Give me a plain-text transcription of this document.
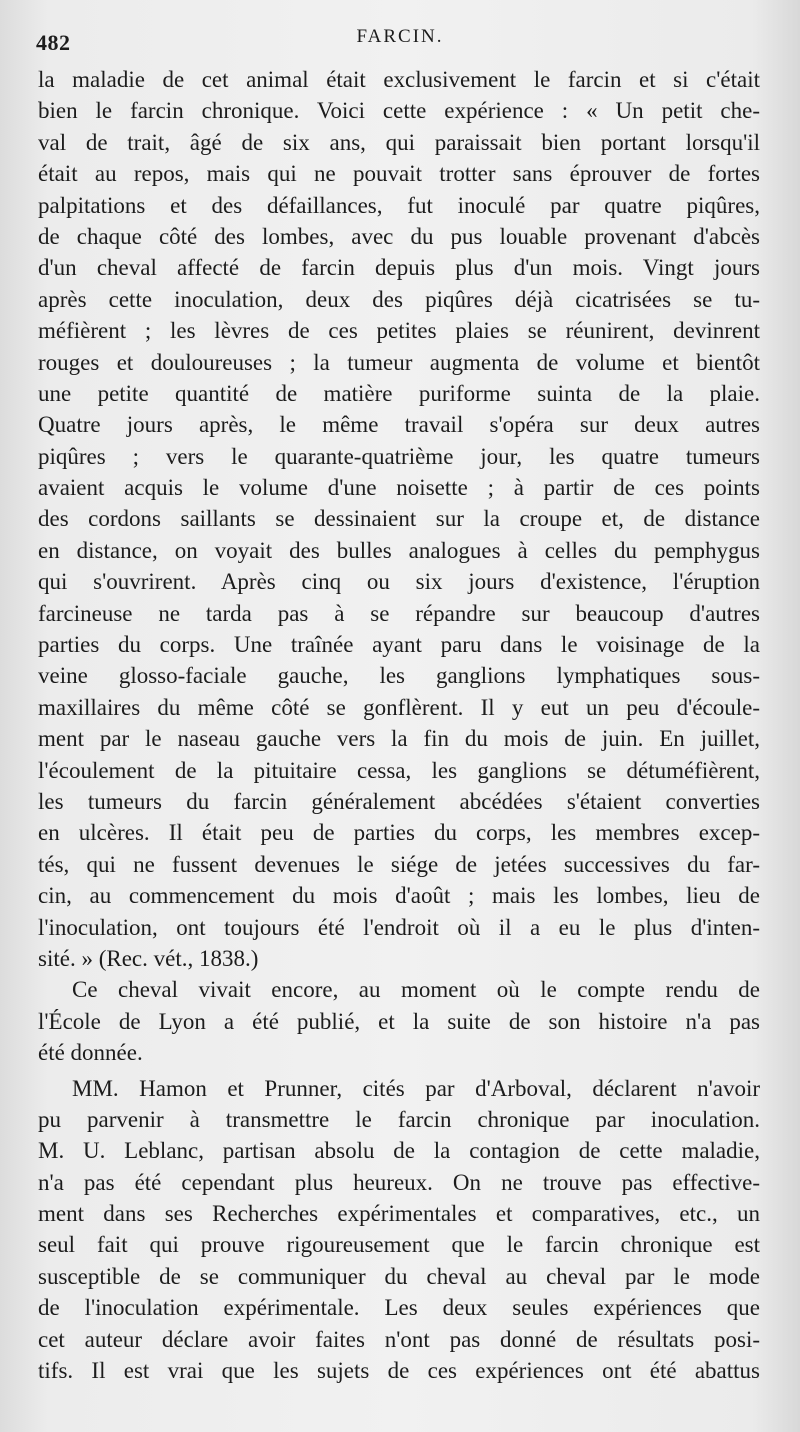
482	FARCIN.
la maladie de cet animal était exclusivement le farcin et si c'était
bien le farcin chronique. Voici cette expérience : « Un petit che-
val de trait, âgé de six ans, qui paraissait bien portant lorsqu'il
était au repos, mais qui ne pouvait trotter sans éprouver de fortes
palpitations et des défaillances, fut inoculé par quatre piqûres,
de chaque côté des lombes, avec du pus louable provenant d'abcès
d'un cheval affecté de farcin depuis plus d'un mois. Vingt jours
après cette inoculation, deux des piqûres déjà cicatrisées se tu-
méfièrent ; les lèvres de ces petites plaies se réunirent, devinrent
rouges et douloureuses ; la tumeur augmenta de volume et bientôt
une petite quantité de matière puriforme suinta de la plaie.
Quatre jours après, le même travail s'opéra sur deux autres
piqûres ; vers le quarante-quatrième jour, les quatre tumeurs
avaient acquis le volume d'une noisette ; à partir de ces points
des cordons saillants se dessinaient sur la croupe et, de distance
en distance, on voyait des bulles analogues à celles du pemphygus
qui s'ouvrirent. Après cinq ou six jours d'existence, l'éruption
farcineuse ne tarda pas à se répandre sur beaucoup d'autres
parties du corps. Une traînée ayant paru dans le voisinage de la
veine glosso-faciale gauche, les ganglions lymphatiques sous-
maxillaires du même côté se gonflèrent. Il y eut un peu d'écoule-
ment par le naseau gauche vers la fin du mois de juin. En juillet,
l'écoulement de la pituitaire cessa, les ganglions se détuméfièrent,
les tumeurs du farcin généralement abcédées s'étaient converties
en ulcères. Il était peu de parties du corps, les membres excep-
tés, qui ne fussent devenues le siége de jetées successives du far-
cin, au commencement du mois d'août ; mais les lombes, lieu de
l'inoculation, ont toujours été l'endroit où il a eu le plus d'inten-
sité. » (Rec. vét., 1838.)
Ce cheval vivait encore, au moment où le compte rendu de
l'École de Lyon a été publié, et la suite de son histoire n'a pas
été donnée.
MM. Hamon et Prunner, cités par d'Arboval, déclarent n'avoir
pu parvenir à transmettre le farcin chronique par inoculation.
M. U. Leblanc, partisan absolu de la contagion de cette maladie,
n'a pas été cependant plus heureux. On ne trouve pas effective-
ment dans ses Recherches expérimentales et comparatives, etc., un
seul fait qui prouve rigoureusement que le farcin chronique est
susceptible de se communiquer du cheval au cheval par le mode
de l'inoculation expérimentale. Les deux seules expériences que
cet auteur déclare avoir faites n'ont pas donné de résultats posi-
tifs. Il est vrai que les sujets de ces expériences ont été abattus
